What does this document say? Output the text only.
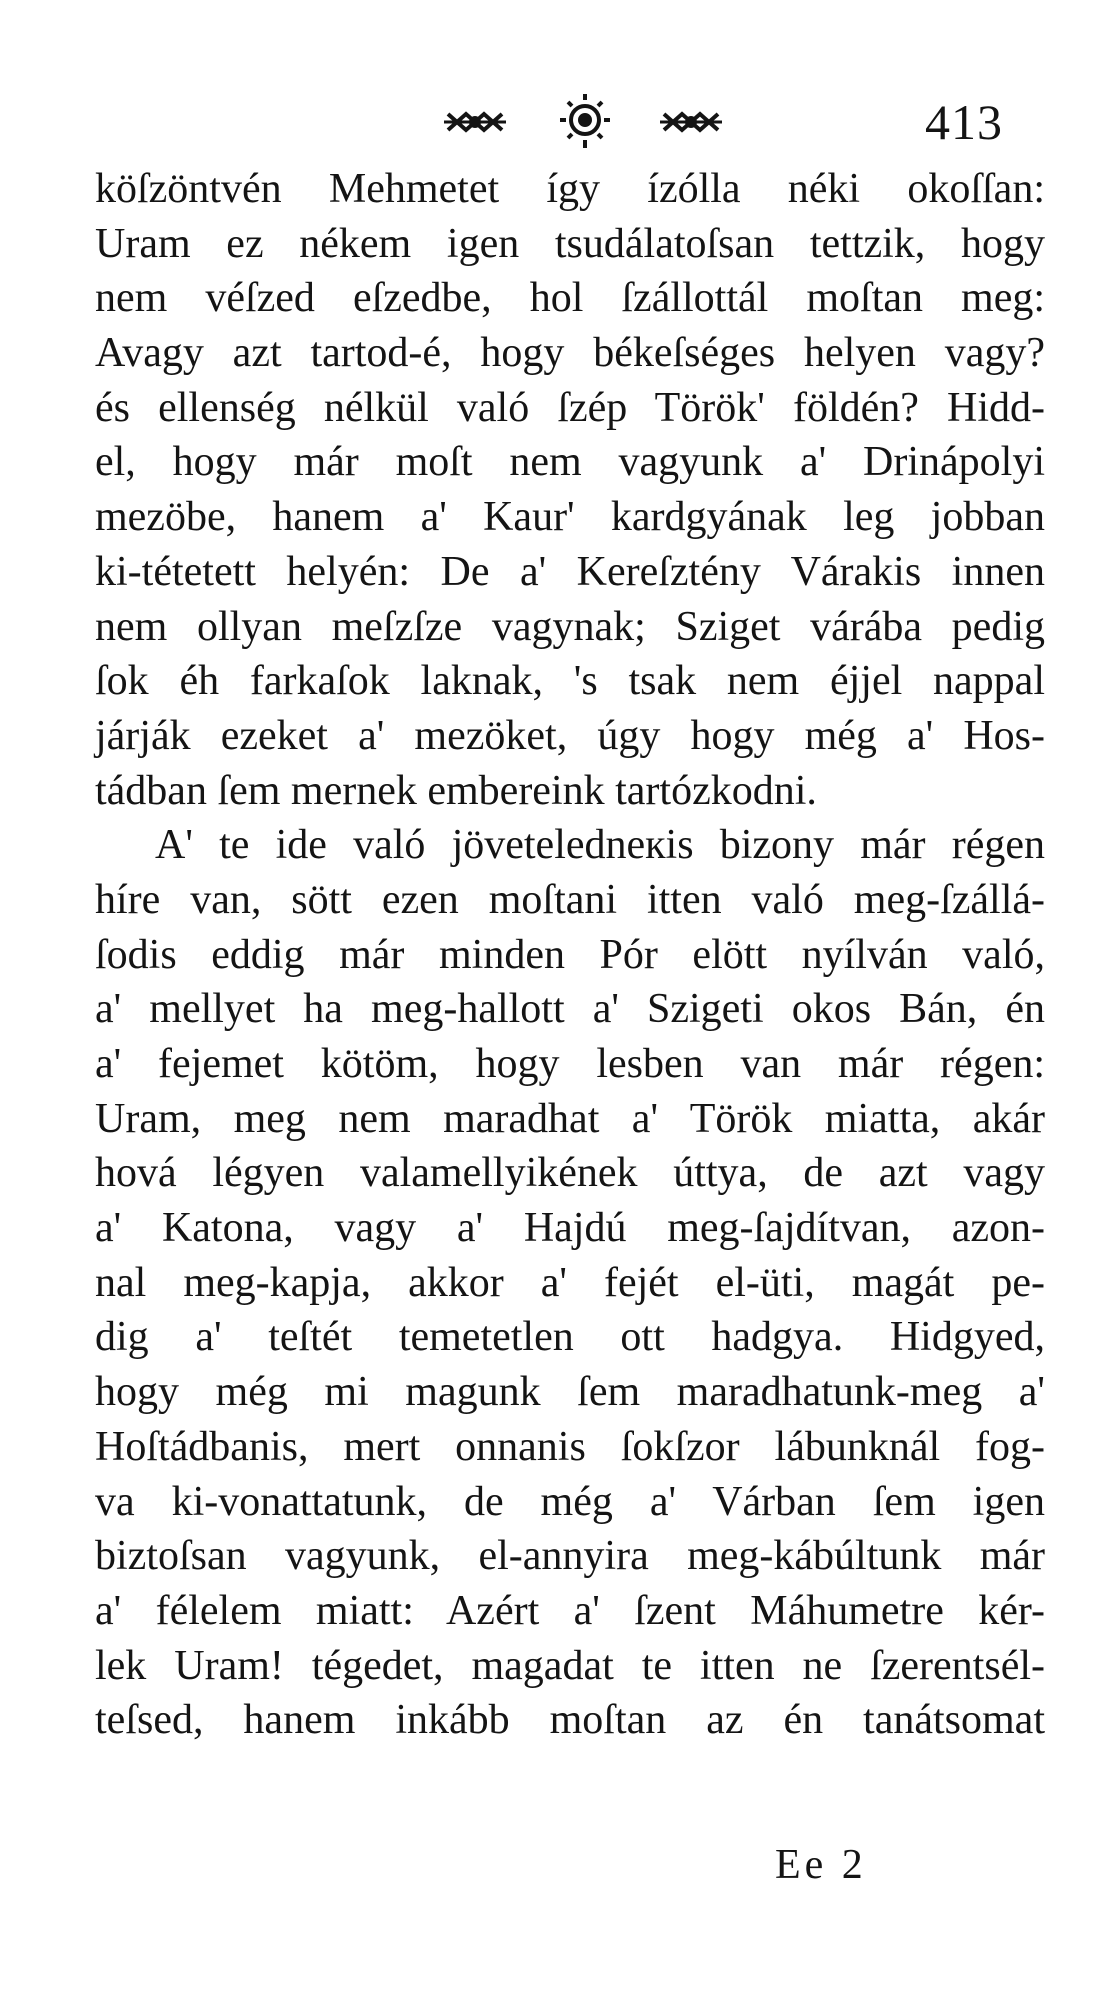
413
köſzöntvén Mehmetet így ízólla néki okoſſan:
Uram ez nékem igen tsudálatoſsan tettzik, hogy
nem véſzed eſzedbe, hol ſzállottál moſtan meg:
Avagy azt tartod-é, hogy békeſséges helyen vagy?
és ellenség nélkül való ſzép Török' földén? Hidd-
el, hogy már moſt nem vagyunk a' Drinápolyi
mezöbe, hanem a' Kaur' kardgyának leg jobban
ki-tétetett helyén: De a' Kereſztény Várakis innen
nem ollyan meſzſze vagynak; Sziget várába pedig
ſok éh farkaſok laknak, 's tsak nem éjjel nappal
járják ezeket a' mezöket, úgy hogy még a' Hos-
tádban ſem mernek embereink tartózkodni.
A' te ide való jöveteledneкis bizony már régen
híre van, sött ezen moſtani itten való meg-ſzállá-
ſodis eddig már minden Pór elött nyílván való,
a' mellyet ha meg-hallott a' Szigeti okos Bán, én
a' fejemet kötöm, hogy lesben van már régen:
Uram, meg nem maradhat a' Török miatta, akár
hová légyen valamellyikének úttya, de azt vagy
a' Katona, vagy a' Hajdú meg-ſajdítvan, azon-
nal meg-kapja, akkor a' fejét el-üti, magát pe-
dig a' teſtét temetetlen ott hadgya. Hidgyed,
hogy még mi magunk ſem maradhatunk-meg a'
Hoſtádbanis, mert onnanis ſokſzor lábunknál fog-
va ki-vonattatunk, de még a' Várban ſem igen
biztoſsan vagyunk, el-annyira meg-kábúltunk már
a' félelem miatt: Azért a' ſzent Máhumetre kér-
lek Uram! tégedet, magadat te itten ne ſzerentsél-
teſsed, hanem inkább moſtan az én tanátsomat
Ee 2
